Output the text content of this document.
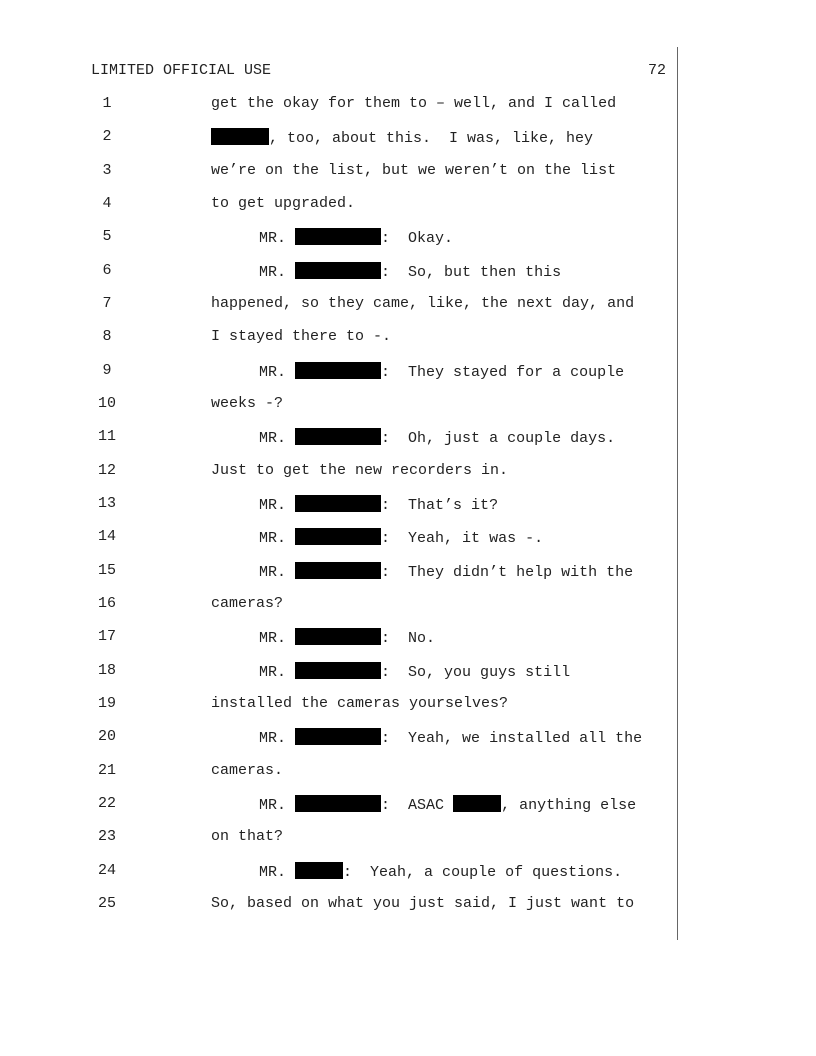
LIMITED OFFICIAL USE	72
1	get the okay for them to – well, and I called
2	, too, about this.  I was, like, hey
3	we’re on the list, but we weren’t on the list
4	to get upgraded.
5	MR.	:  Okay.
6	MR.	:  So, but then this
7	happened, so they came, like, the next day, and
8	I stayed there to -.
9	MR.	:  They stayed for a couple
10	weeks -?
11	MR.	:  Oh, just a couple days.
12	Just to get the new recorders in.
13	MR.	:  That’s it?
14	MR.	:  Yeah, it was -.
15	MR.	:  They didn’t help with the
16	cameras?
17	MR.	:  No.
18	MR.	:  So, you guys still
19	installed the cameras yourselves?
20	MR.	:  Yeah, we installed all the
21	cameras.
22	MR.	:  ASAC	, anything else
23	on that?
24	MR.	:  Yeah, a couple of questions.
25	So, based on what you just said, I just want to
